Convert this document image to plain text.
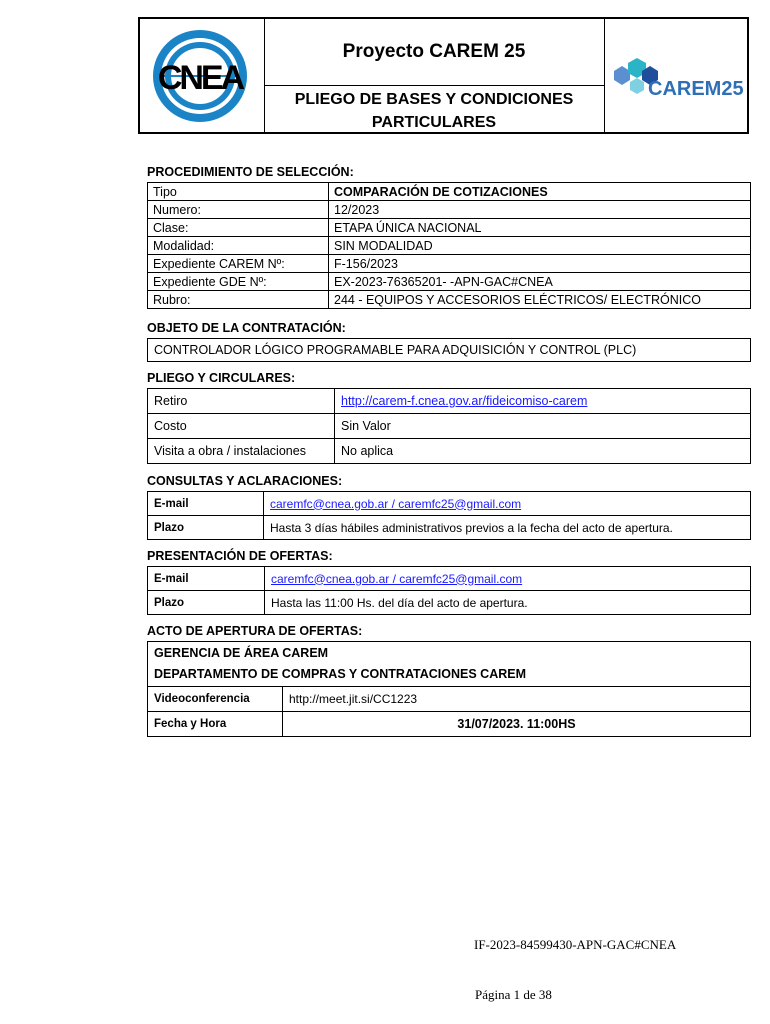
CNEA
Proyecto CAREM 25
PLIEGO DE BASES Y CONDICIONES
PARTICULARES
CAREM25
PROCEDIMIENTO DE SELECCIÓN:
Tipo	COMPARACIÓN DE COTIZACIONES
Numero:	12/2023
Clase:	ETAPA ÚNICA NACIONAL
Modalidad:	SIN MODALIDAD
Expediente CAREM Nº:	F-156/2023
Expediente GDE Nº:	EX-2023-76365201- -APN-GAC#CNEA
Rubro:	244 - EQUIPOS Y ACCESORIOS ELÉCTRICOS/ ELECTRÓNICO
OBJETO DE LA CONTRATACIÓN:
CONTROLADOR LÓGICO PROGRAMABLE PARA ADQUISICIÓN Y CONTROL (PLC)
PLIEGO Y CIRCULARES:
Retiro	http://carem-f.cnea.gov.ar/fideicomiso-carem
Costo	Sin Valor
Visita a obra / instalaciones	No aplica
CONSULTAS Y ACLARACIONES:
E-mail	caremfc@cnea.gob.ar / caremfc25@gmail.com
Plazo	Hasta 3 días hábiles administrativos previos a la fecha del acto de apertura.
PRESENTACIÓN DE OFERTAS:
E-mail	caremfc@cnea.gob.ar / caremfc25@gmail.com
Plazo	Hasta las 11:00 Hs. del día del acto de apertura.
ACTO DE APERTURA DE OFERTAS:
GERENCIA DE ÁREA CAREM
DEPARTAMENTO DE COMPRAS Y CONTRATACIONES CAREM	

Videoconferencia	http://meet.jit.si/CC1223
Fecha y Hora	31/07/2023. 11:00HS
IF-2023-84599430-APN-GAC#CNEA
Página 1 de 38
